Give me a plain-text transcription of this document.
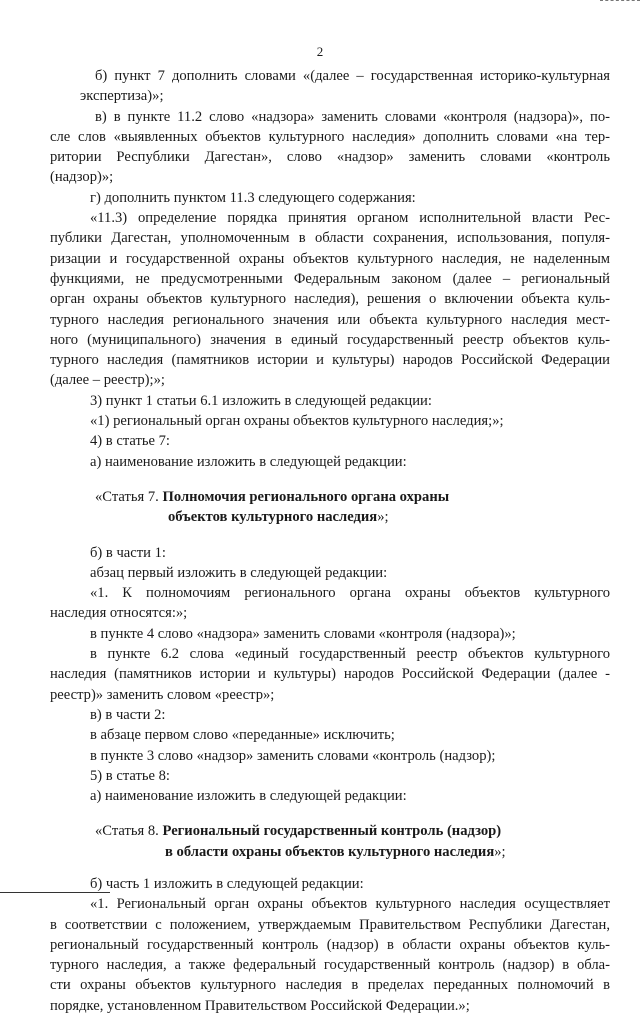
2
б) пункт 7 дополнить словами «(далее – государственная историко-культурная
экспертиза)»;
в) в пункте 11.2 слово «надзора» заменить словами «контроля (надзора)», по-
сле слов «выявленных объектов культурного наследия» дополнить словами «на тер-
ритории Республики Дагестан», слово «надзор» заменить словами «контроль
(надзор)»;
г) дополнить пунктом 11.3 следующего содержания:
«11.3) определение порядка принятия органом исполнительной власти Рес-
публики Дагестан, уполномоченным в области сохранения, использования, популя-
ризации и государственной охраны объектов культурного наследия, не наделенным
функциями, не предусмотренными Федеральным законом (далее – региональный
орган охраны объектов культурного наследия), решения о включении объекта куль-
турного наследия регионального значения или объекта культурного наследия мест-
ного (муниципального) значения в единый государственный реестр объектов куль-
турного наследия (памятников истории и культуры) народов Российской Федерации
(далее – реестр);»;
3) пункт 1 статьи 6.1 изложить в следующей редакции:
«1) региональный орган охраны объектов культурного наследия;»;
4) в статье 7:
а) наименование изложить в следующей редакции:
«Статья 7. Полномочия регионального органа охраны
объектов культурного наследия»;
б) в части 1:
абзац первый изложить в следующей редакции:
«1. К полномочиям регионального органа охраны объектов культурного
наследия относятся:»;
в пункте 4 слово «надзора» заменить словами «контроля (надзора)»;
в пункте 6.2 слова «единый государственный реестр объектов культурного
наследия (памятников истории и культуры) народов Российской Федерации (далее -
реестр)» заменить словом «реестр»;
в) в части 2:
в абзаце первом слово «переданные» исключить;
в пункте 3 слово «надзор» заменить словами «контроль (надзор);
5) в статье 8:
а) наименование изложить в следующей редакции:
«Статья 8. Региональный государственный контроль (надзор)
в области охраны объектов культурного наследия»;
б) часть 1 изложить в следующей редакции:
«1. Региональный орган охраны объектов культурного наследия осуществляет
в соответствии с положением, утверждаемым Правительством Республики Дагестан,
региональный государственный контроль (надзор) в области охраны объектов куль-
турного наследия, а также федеральный государственный контроль (надзор) в обла-
сти охраны объектов культурного наследия в пределах переданных полномочий в
порядке, установленном Правительством Российской Федерации.»;
